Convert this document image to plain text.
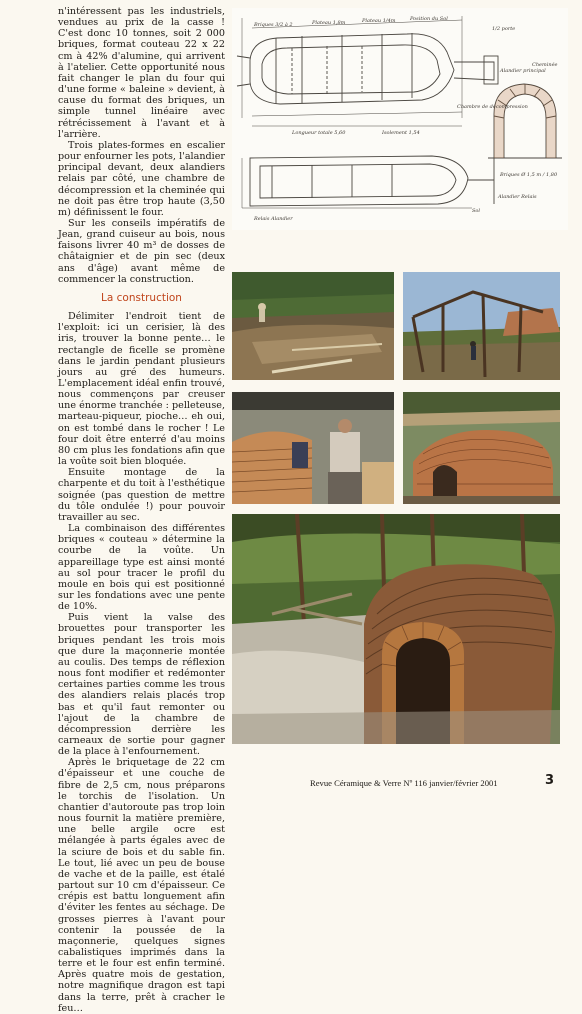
n'intéressent pas les industriels, vendues au prix de la casse ! C'est donc 10 tonnes, soit 2 000 briques, format couteau 22 x 22 cm à 42% d'alumine, qui arrivent à l'atelier. Cette opportunité nous fait changer le plan du four qui d'une forme « baleine » devient, à cause du format des briques, un simple tunnel linéaire avec rétrécissement à l'avant et à l'arrière.

Trois plates-formes en escalier pour enfourner les pots, l'alandier principal devant, deux alandiers relais par côté, une chambre de décompression et la cheminée qui ne doit pas être trop haute (3,50 m) définissent le four.

Sur les conseils impératifs de Jean, grand cuiseur au bois, nous faisons livrer 40 m³ de dosses de châtaignier et de pin sec (deux ans d'âge) avant même de commencer la construction.

La construction

Délimiter l'endroit tient de l'exploit: ici un cerisier, là des iris, trouver la bonne pente… le rectangle de ficelle se promène dans le jardin pendant plusieurs jours au gré des humeurs. L'emplacement idéal enfin trouvé, nous commençons par creuser une énorme tranchée : pelleteuse, marteau-piqueur, pioche… eh oui, on est tombé dans le rocher ! Le four doit être enterré d'au moins 80 cm plus les fondations afin que la voûte soit bien bloquée.

Ensuite montage de la charpente et du toit à l'esthétique soignée (pas question de mettre du tôle ondulée !) pour pouvoir travailler au sec.

La combinaison des différentes briques « couteau » détermine la courbe de la voûte. Un appareillage type est ainsi monté au sol pour tracer le profil du moule en bois qui est positionné sur les fondations avec une pente de 10%.

Puis vient la valse des brouettes pour transporter les briques pendant les trois mois que dure la maçonnerie montée au coulis. Des temps de réflexion nous font modifier et redémonter certaines parties comme les trous des alandiers relais placés trop bas et qu'il faut remonter ou l'ajout de la chambre de décompression derrière les carneaux de sortie pour gagner de la place à l'enfournement.

Après le briquetage de 22 cm d'épaisseur et une couche de fibre de 2,5 cm, nous préparons le torchis de l'isolation. Un chantier d'autoroute pas trop loin nous fournit la matière première, une belle argile ocre est mélangée à parts égales avec de la sciure de bois et du sable fin. Le tout, lié avec un peu de bouse de vache et de la paille, est étalé partout sur 10 cm d'épaisseur. Ce crépis est battu longuement afin d'éviter les fentes au séchage. De grosses pierres à l'avant pour contenir la poussée de la maçonnerie, quelques signes cabalistiques imprimés dans la terre et le four est enfin terminé. Après quatre mois de gestation, notre magnifique dragon est tapi dans la terre, prêt à cracher le feu…

Briques 3/2 à 2	Plateau 1,8m	Plateau 1/4m	Position du Sol
1/2 porte
Alandier principal
Chambre de décompression
Cheminée
Longueur totale 5,60	Isolement 1,54
Briques Ø 1,5 m / 1,80
Alandier Relais
Sol
Relais Alandier
Revue Céramique & Verre Nº 116 janvier/février 2001	3
